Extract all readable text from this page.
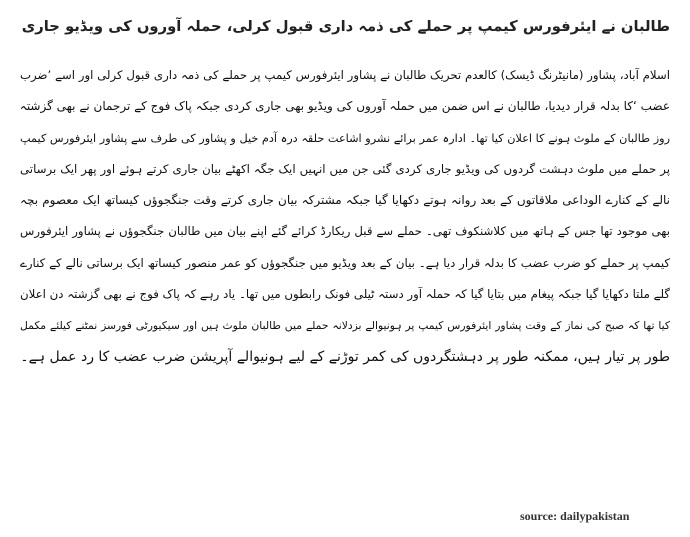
طالبان نے ایئرفورس کیمپ پر حملے کی ذمہ داری قبول کرلی، حملہ آوروں کی ویڈیو جاری
اسلام آباد، پشاور (مانیٹرنگ ڈیسک) کالعدم تحریک طالبان نے پشاور ایئرفورس کیمپ پر حملے کی ذمہ داری قبول کرلی اور اسے ’ضرب
عضب ‘کا بدلہ قرار دیدیا، طالبان نے اس ضمن میں حملہ آوروں کی ویڈیو بھی جاری کردی جبکہ پاک فوج کے ترجمان نے بھی گزشتہ
روز طالبان کے ملوث ہونے کا اعلان کیا تھا۔ ادارہ عمر برائے نشرو اشاعت حلقہ درہ آدم خیل و پشاور کی طرف سے پشاور ایئرفورس کیمپ
پر حملے میں ملوث دہشت گردوں کی ویڈیو جاری کردی گئی جن میں انہیں ایک جگہ اکھٹے بیان جاری کرتے ہوئے اور پھر ایک برساتی
نالے کے کنارے الوداعی ملاقاتوں کے بعد روانہ ہوتے دکھایا گیا جبکہ مشترکہ بیان جاری کرتے وقت جنگجوﺅں کیساتھ ایک معصوم بچہ
بھی موجود تھا جس کے ہاتھ میں کلاشنکوف تھی۔ حملے سے قبل ریکارڈ کرائے گئے اپنے بیان میں طالبان جنگجوﺅں نے پشاور ایئرفورس
کیمپ پر حملے کو ضرب عضب کا بدلہ قرار دیا ہے۔ بیان کے بعد ویڈیو میں جنگجوﺅں کو عمر منصور کیساتھ ایک برساتی نالے کے کنارے
گلے ملتا دکھایا گیا جبکہ پیغام میں بتایا گیا کہ حملہ آور دستہ ٹیلی فونک رابطوں میں تھا۔ یاد رہے کہ پاک فوج نے بھی گزشتہ دن اعلان
کیا تھا کہ صبح کی نماز کے وقت پشاور ایئرفورس کیمپ پر ہونیوالے بزدلانہ حملے میں طالبان ملوث ہیں اور سیکیورٹی فورسز نمٹنے کیلئے مکمل
طور پر تیار ہیں، ممکنہ طور پر دہشتگردوں کی کمر توڑنے کے لیے ہونیوالے آپریشن ضرب عضب کا رد عمل ہے۔
source: dailypakistan
